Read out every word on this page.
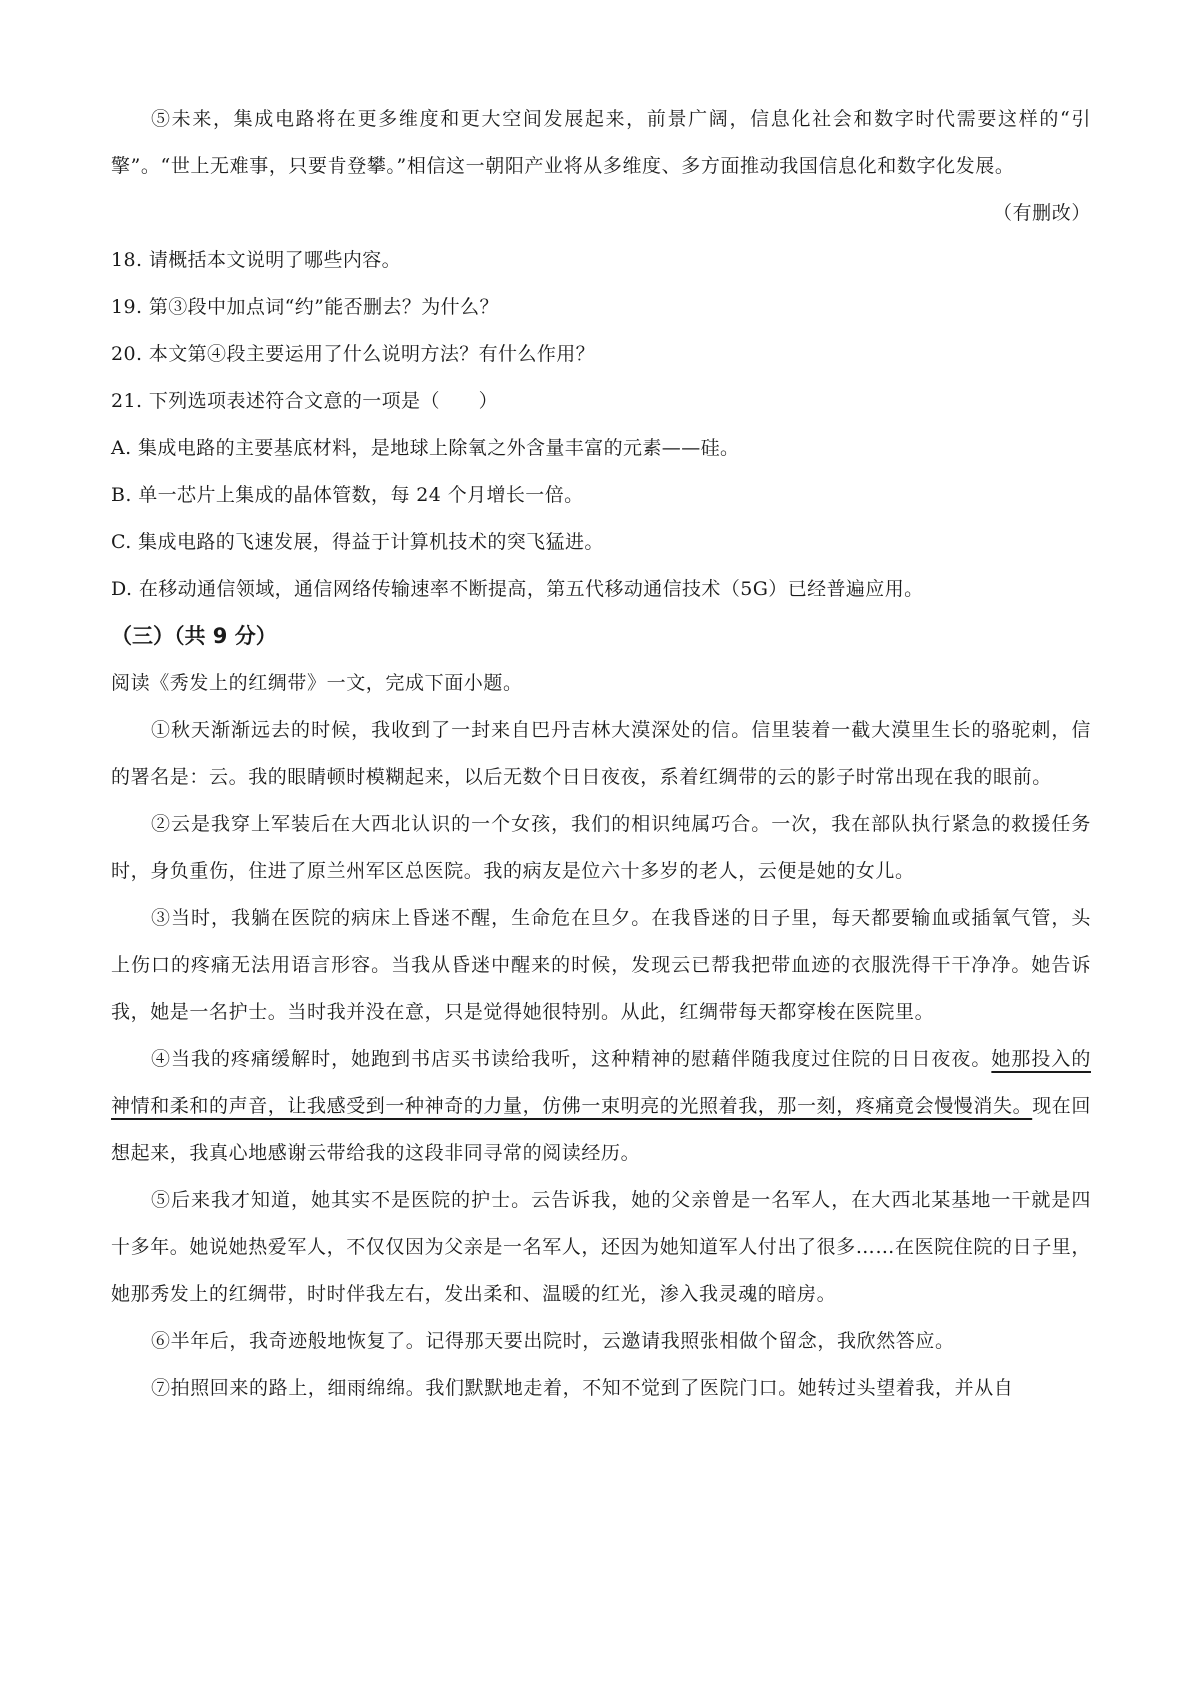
⑤未来，集成电路将在更多维度和更大空间发展起来，前景广阔，信息化社会和数字时代需要这样的“引擎”。“世上无难事，只要肯登攀。”相信这一朝阳产业将从多维度、多方面推动我国信息化和数字化发展。

（有删改）

18. 请概括本文说明了哪些内容。

19. 第③段中加点词“约”能否删去？为什么？

20. 本文第④段主要运用了什么说明方法？有什么作用？

21. 下列选项表述符合文意的一项是（　　）

A. 集成电路的主要基底材料，是地球上除氧之外含量丰富的元素——硅。

B. 单一芯片上集成的晶体管数，每 24 个月增长一倍。

C. 集成电路的飞速发展，得益于计算机技术的突飞猛进。

D. 在移动通信领域，通信网络传输速率不断提高，第五代移动通信技术（5G）已经普遍应用。

（三）（共 9 分）

阅读《秀发上的红绸带》一文，完成下面小题。

①秋天渐渐远去的时候，我收到了一封来自巴丹吉林大漠深处的信。信里装着一截大漠里生长的骆驼刺，信的署名是：云。我的眼睛顿时模糊起来，以后无数个日日夜夜，系着红绸带的云的影子时常出现在我的眼前。

②云是我穿上军装后在大西北认识的一个女孩，我们的相识纯属巧合。一次，我在部队执行紧急的救援任务时，身负重伤，住进了原兰州军区总医院。我的病友是位六十多岁的老人，云便是她的女儿。

③当时，我躺在医院的病床上昏迷不醒，生命危在旦夕。在我昏迷的日子里，每天都要输血或插氧气管，头上伤口的疼痛无法用语言形容。当我从昏迷中醒来的时候，发现云已帮我把带血迹的衣服洗得干干净净。她告诉我，她是一名护士。当时我并没在意，只是觉得她很特别。从此，红绸带每天都穿梭在医院里。

④当我的疼痛缓解时，她跑到书店买书读给我听，这种精神的慰藉伴随我度过住院的日日夜夜。她那投入的神情和柔和的声音，让我感受到一种神奇的力量，仿佛一束明亮的光照着我，那一刻，疼痛竟会慢慢消失。现在回想起来，我真心地感谢云带给我的这段非同寻常的阅读经历。

⑤后来我才知道，她其实不是医院的护士。云告诉我，她的父亲曾是一名军人，在大西北某基地一干就是四十多年。她说她热爱军人，不仅仅因为父亲是一名军人，还因为她知道军人付出了很多……在医院住院的日子里，她那秀发上的红绸带，时时伴我左右，发出柔和、温暖的红光，渗入我灵魂的暗房。

⑥半年后，我奇迹般地恢复了。记得那天要出院时，云邀请我照张相做个留念，我欣然答应。

⑦拍照回来的路上，细雨绵绵。我们默默地走着，不知不觉到了医院门口。她转过头望着我，并从自
